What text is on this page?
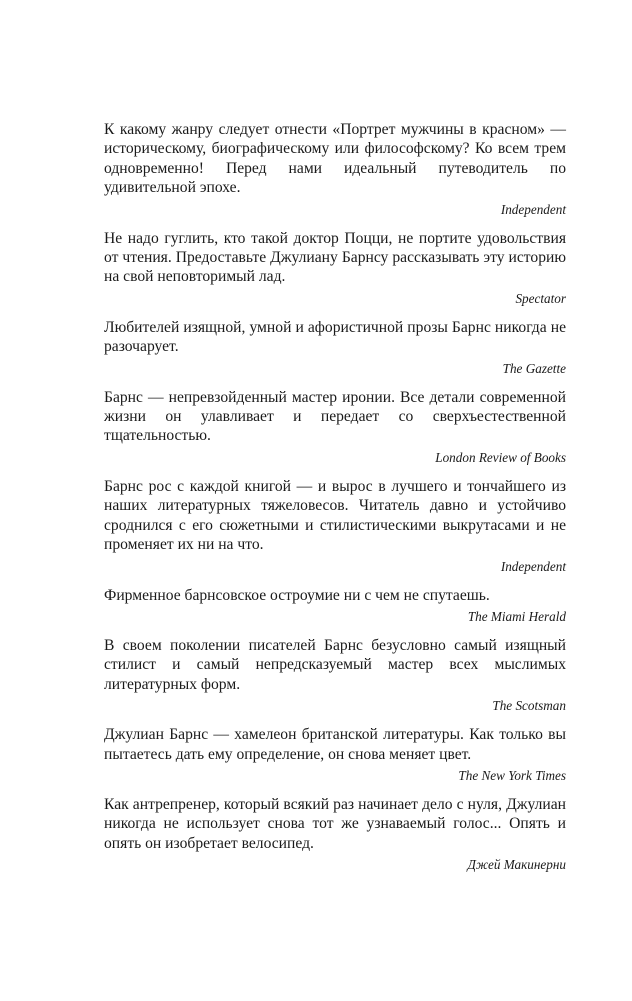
К какому жанру следует отнести «Портрет мужчины в красном» — историческому, биографическому или философскому? Ко всем трем одновременно! Перед нами идеальный путеводитель по удивительной эпохе.

Independent

Не надо гуглить, кто такой доктор Поцци, не портите удовольствия от чтения. Предоставьте Джулиану Барнсу рассказывать эту историю на свой неповторимый лад.

Spectator

Любителей изящной, умной и афористичной прозы Барнс никогда не разочарует.

The Gazette

Барнс — непревзойденный мастер иронии. Все детали современной жизни он улавливает и передает со сверхъестественной тщательностью.

London Review of Books

Барнс рос с каждой книгой — и вырос в лучшего и тончайшего из наших литературных тяжеловесов. Читатель давно и устойчиво сроднился с его сюжетными и стилистическими выкрутасами и не променяет их ни на что.

Independent

Фирменное барнсовское остроумие ни с чем не спутаешь.

The Miami Herald

В своем поколении писателей Барнс безусловно самый изящный стилист и самый непредсказуемый мастер всех мыслимых литературных форм.

The Scotsman

Джулиан Барнс — хамелеон британской литературы. Как только вы пытаетесь дать ему определение, он снова меняет цвет.

The New York Times

Как антрепренер, который всякий раз начинает дело с нуля, Джулиан никогда не использует снова тот же узнаваемый голос... Опять и опять он изобретает велосипед.

Джей Макинерни
